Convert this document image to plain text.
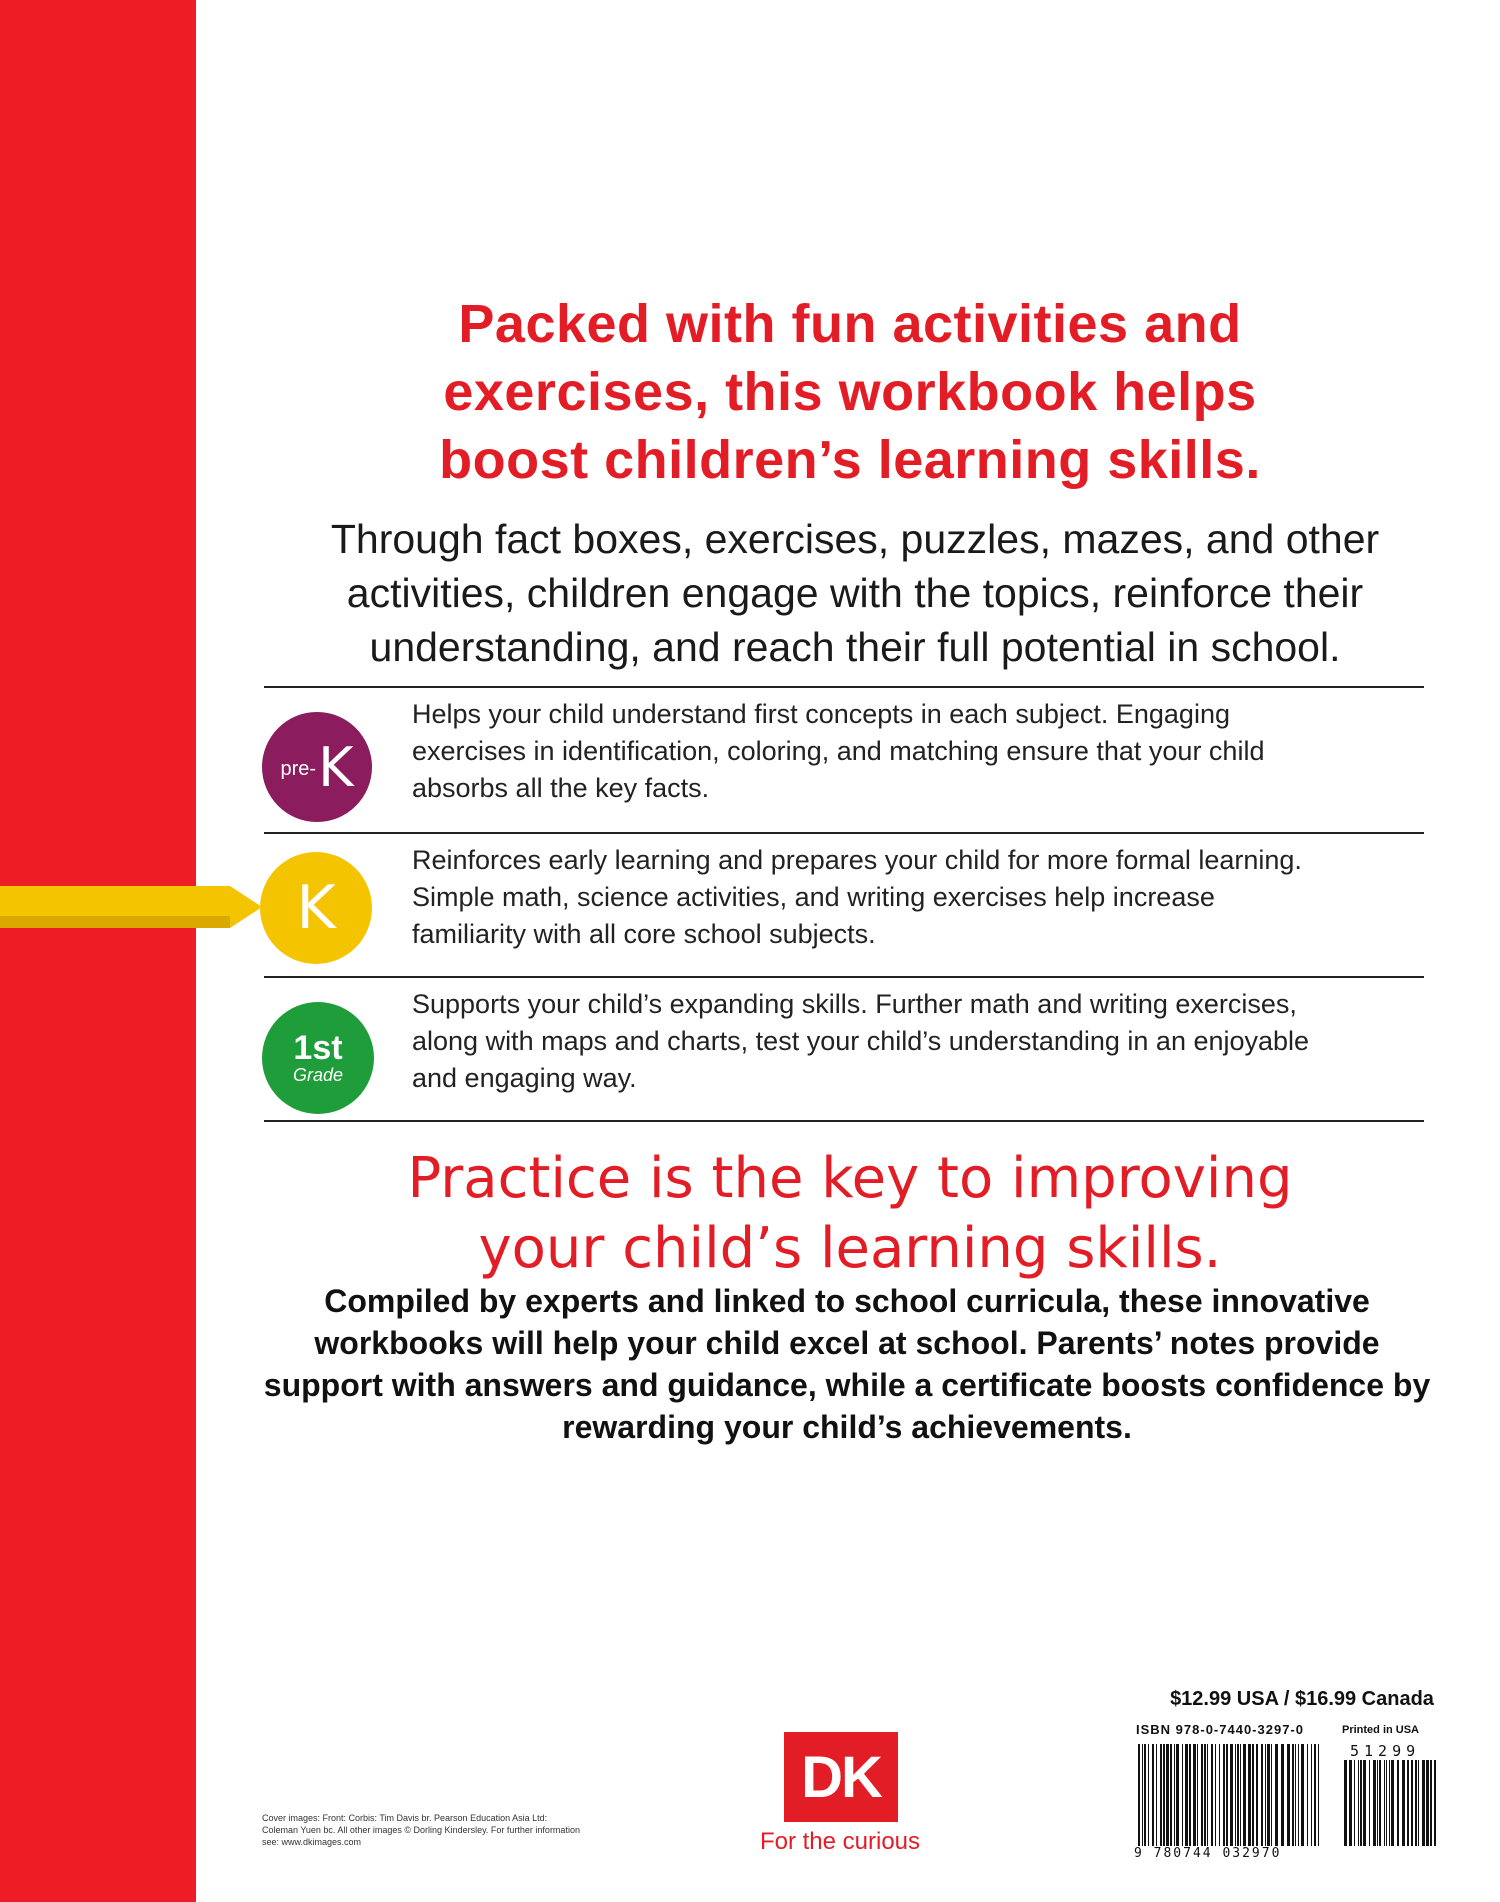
Packed with fun activities and
exercises, this workbook helps
boost children’s learning skills.
Through fact boxes, exercises, puzzles, mazes, and other activities, children engage with the topics, reinforce their understanding, and reach their full potential in school.
pre- K
Helps your child understand first concepts in each subject. Engaging exercises in identification, coloring, and matching ensure that your child absorbs all the key facts.
K
Reinforces early learning and prepares your child for more formal learning. Simple math, science activities, and writing exercises help increase familiarity with all core school subjects.
1st
Grade
Supports your child’s expanding skills. Further math and writing exercises, along with maps and charts, test your child’s understanding in an enjoyable and engaging way.
Practice is the key to improving
your child’s learning skills.
Compiled by experts and linked to school curricula, these innovative workbooks will help your child excel at school. Parents’ notes provide support with answers and guidance, while a certificate boosts confidence by rewarding your child’s achievements.
Cover images: Front: Corbis: Tim Davis br. Pearson Education Asia Ltd: Coleman Yuen bc. All other images © Dorling Kindersley. For further information see: www.dkimages.com
DK
For the curious
$12.99 USA / $16.99 Canada
ISBN 978-0-7440-3297-0	Printed in USA
51299
9 780744 032970
